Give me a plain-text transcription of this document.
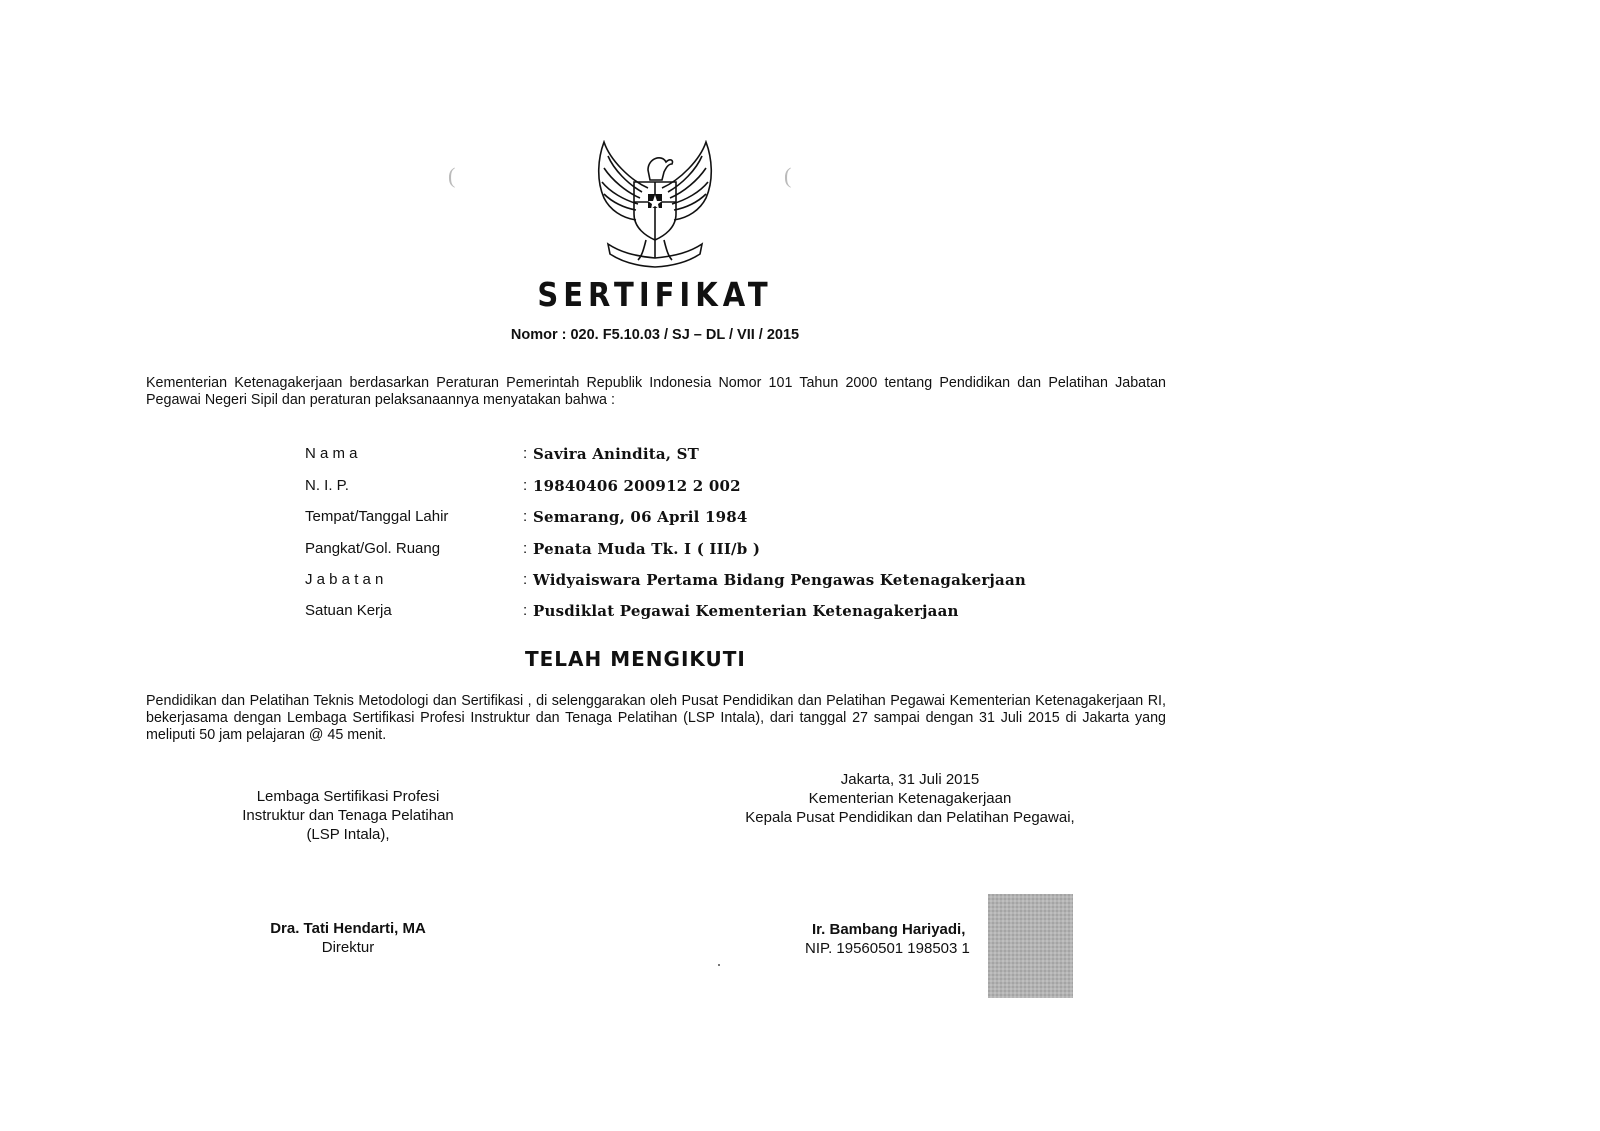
(	(
SERTIFIKAT
Nomor : 020. F5.10.03 / SJ – DL / VII / 2015
Kementerian Ketenagakerjaan berdasarkan Peraturan Pemerintah Republik Indonesia Nomor 101 Tahun 2000 tentang Pendidikan dan Pelatihan Jabatan Pegawai Negeri Sipil dan peraturan pelaksanaannya menyatakan bahwa :
N a m a	: Savira Anindita, ST
N. I. P.	: 19840406 200912 2 002
Tempat/Tanggal Lahir	: Semarang, 06 April 1984
Pangkat/Gol. Ruang	: Penata Muda Tk. I ( III/b )
J a b a t a n	: Widyaiswara Pertama Bidang Pengawas Ketenagakerjaan
Satuan Kerja	: Pusdiklat Pegawai Kementerian Ketenagakerjaan
TELAH MENGIKUTI
Pendidikan dan Pelatihan Teknis Metodologi dan Sertifikasi , di selenggarakan oleh Pusat Pendidikan dan Pelatihan Pegawai Kementerian Ketenagakerjaan RI, bekerjasama dengan Lembaga Sertifikasi Profesi Instruktur dan Tenaga Pelatihan (LSP Intala), dari tanggal 27 sampai dengan 31 Juli 2015 di Jakarta yang meliputi 50 jam pelajaran @ 45 menit.
Lembaga Sertifikasi Profesi
Instruktur dan Tenaga Pelatihan
(LSP Intala),
Dra. Tati Hendarti, MA
Direktur
Jakarta, 31 Juli 2015
Kementerian Ketenagakerjaan
Kepala Pusat Pendidikan dan Pelatihan Pegawai,
Ir. Bambang Hariyadi,
NIP. 19560501 198503 1
